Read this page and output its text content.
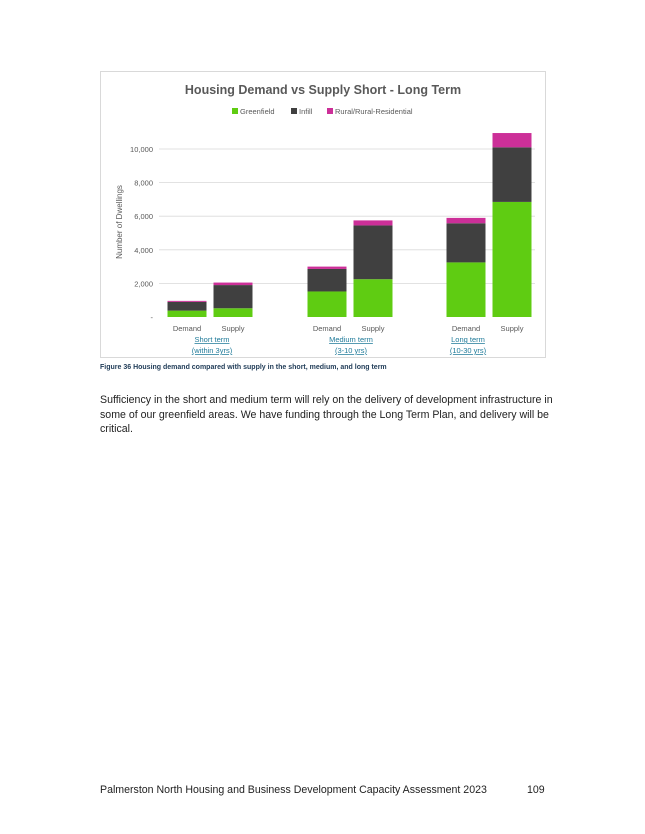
Housing Demand vs Supply Short - Long Term
Greenfield	Infill	Rural/Rural-Residential
-
2,000
4,000
6,000
8,000
10,000
Number of Dwellings
Demand	Supply	Demand	Supply	Demand	Supply
Short term
(within 3yrs)
Medium term
(3-10 yrs)
Long term
(10-30 yrs)
Figure 36 Housing demand compared with supply in the short, medium, and long term
Sufficiency in the short and medium term will rely on the delivery of development infrastructure in some of our greenfield areas. We have funding through the Long Term Plan, and delivery will be critical.
Palmerston North Housing and Business Development Capacity Assessment 2023	109
